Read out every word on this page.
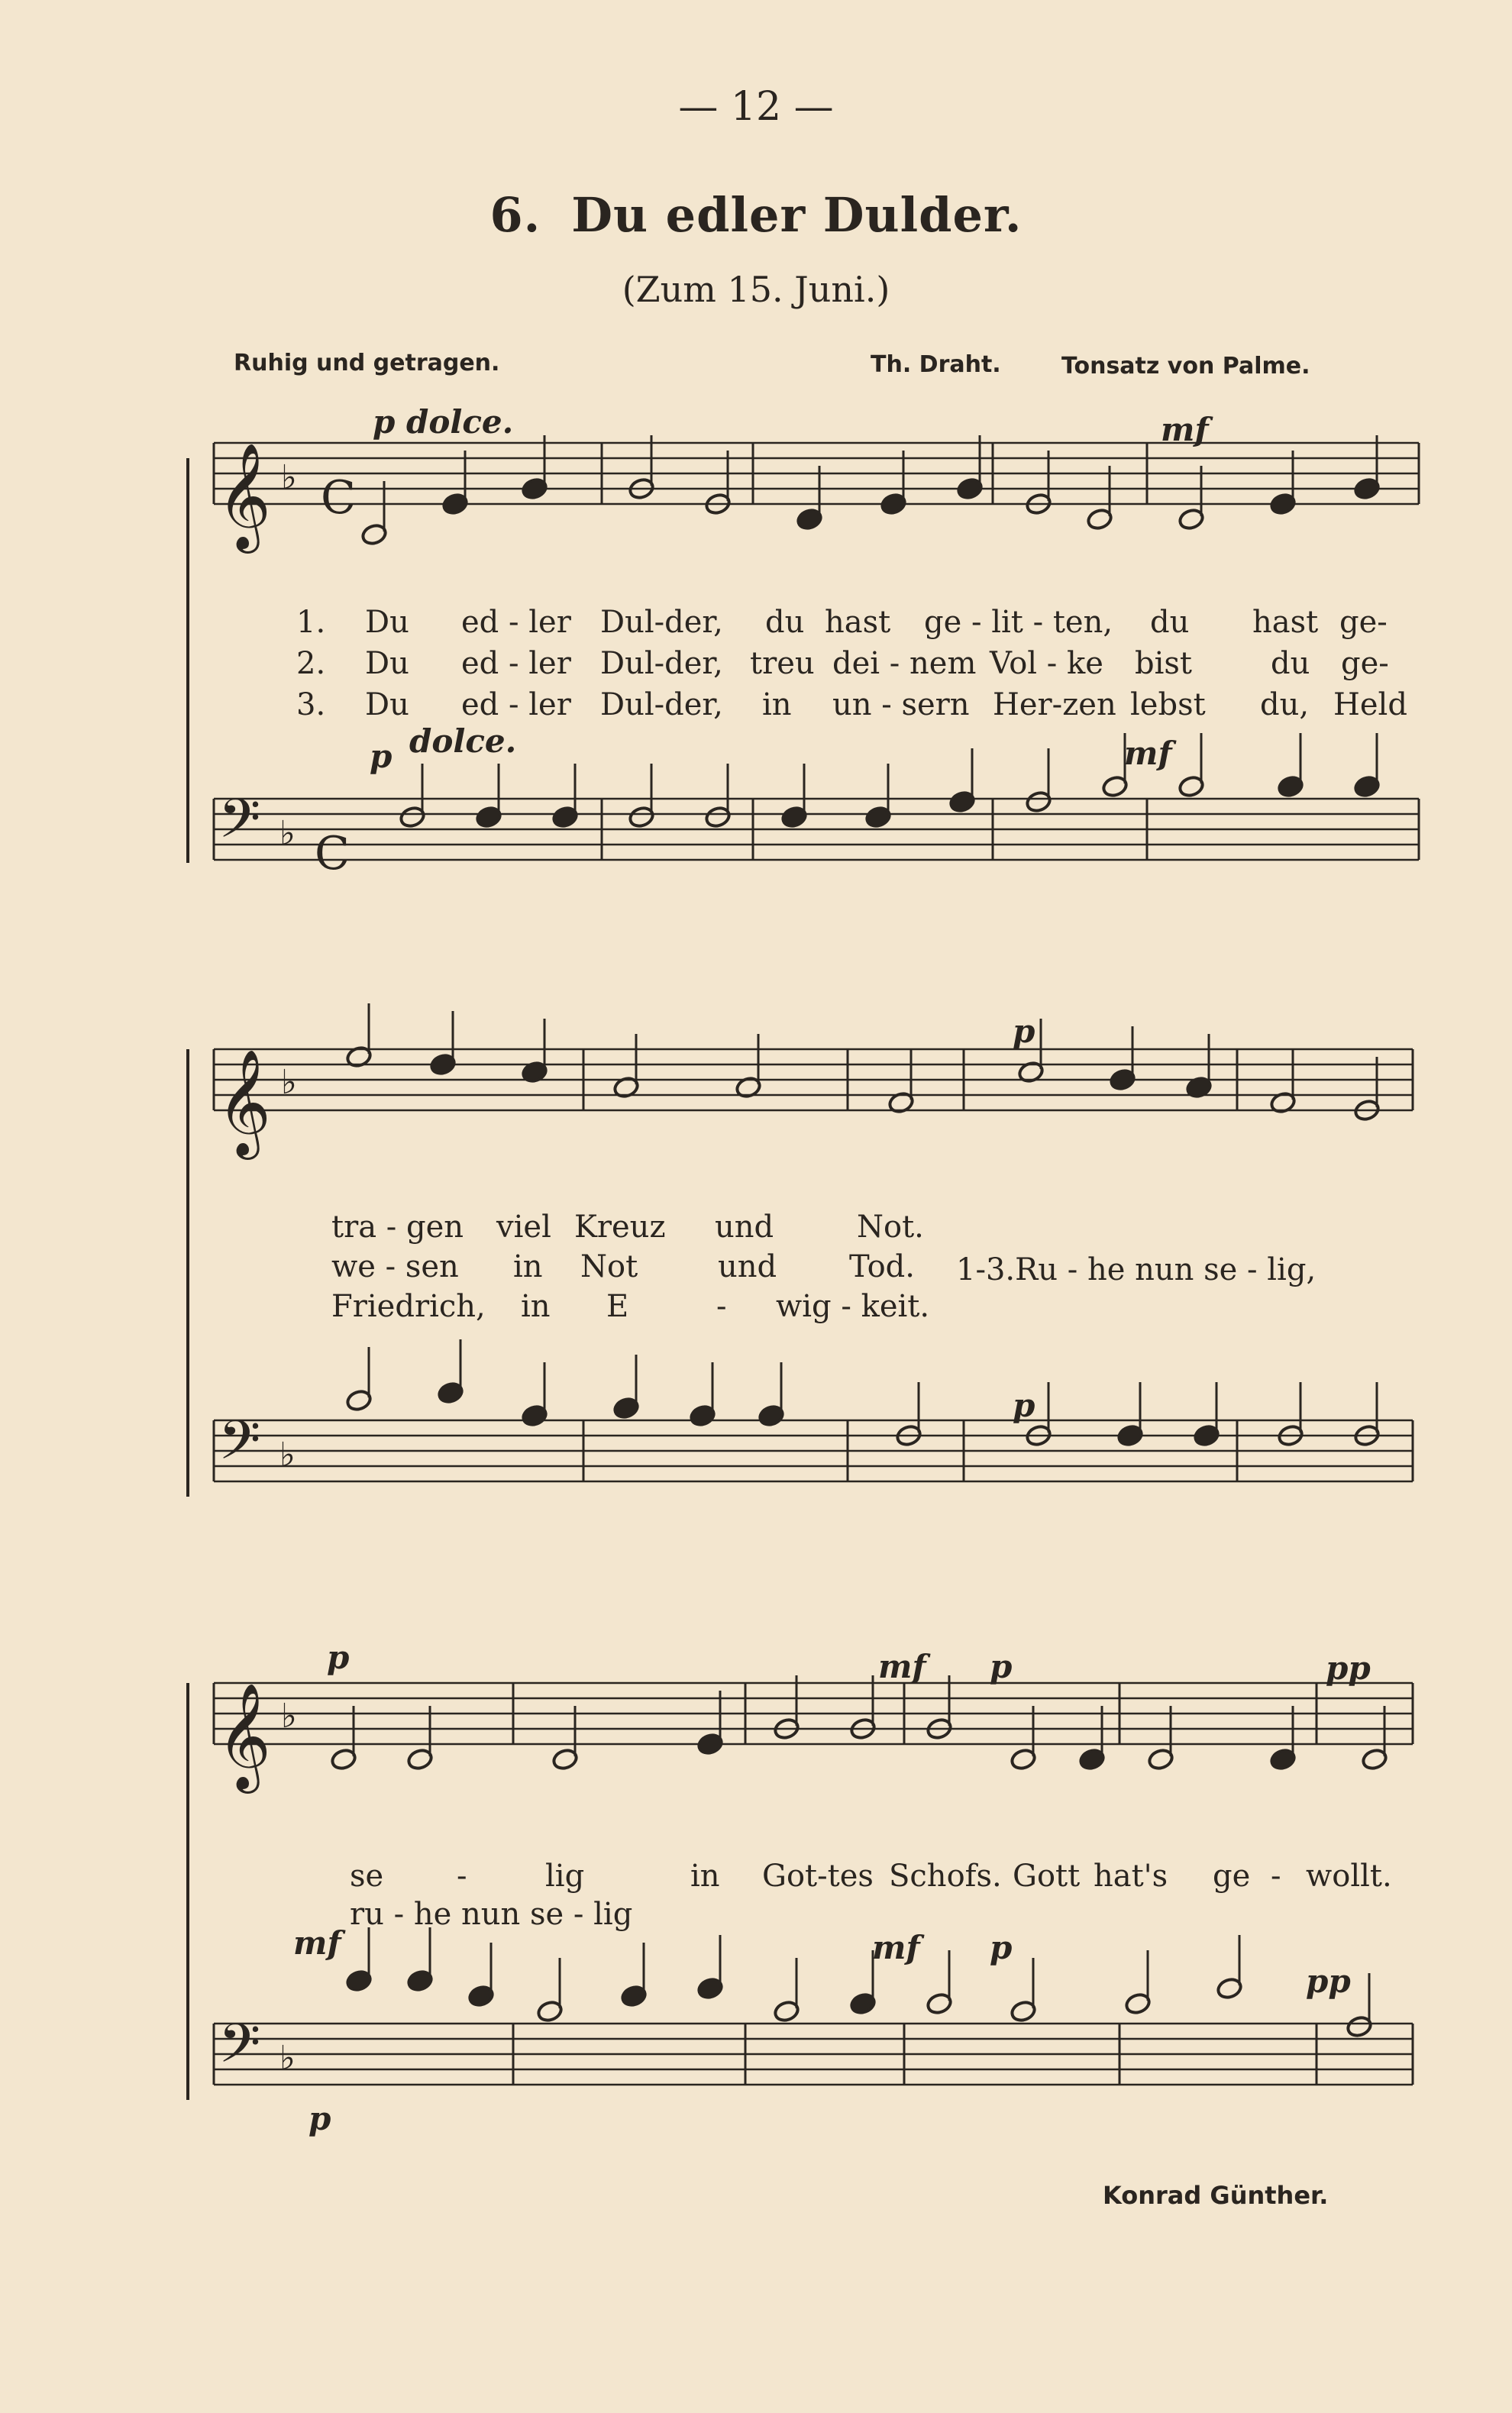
𝄞 ♭ C
𝄢 ♭ C
𝄞 ♭
𝄢 ♭
𝄞 ♭
𝄢 ♭
— 12 —
6. Du edler Dulder.
(Zum 15. Juni.)
Ruhig und getragen.	Th. Draht.	Tonsatz von Palme.
p dolce.	mf
p dolce.	mf
1. Du ed - ler Dul-der, du hast ge - lit - ten, du hast ge-
2. Du ed - ler Dul-der, treu dei - nem Vol - ke bist	du ge-
3. Du ed - ler Dul-der, in un - sern Her-zen lebst du, Held
p
p
tra - gen viel Kreuz und	Not.
we - sen in Not	und Tod.
Friedrich, in E	- wig - keit.
1-3.Ru - he nun se - lig,
p	mf p	pp
mf	mf p
pp
p
se -	lig	in Got-tes Schofs. Gott hat's ge - wollt.
ru - he nun se - lig
Konrad Günther.
